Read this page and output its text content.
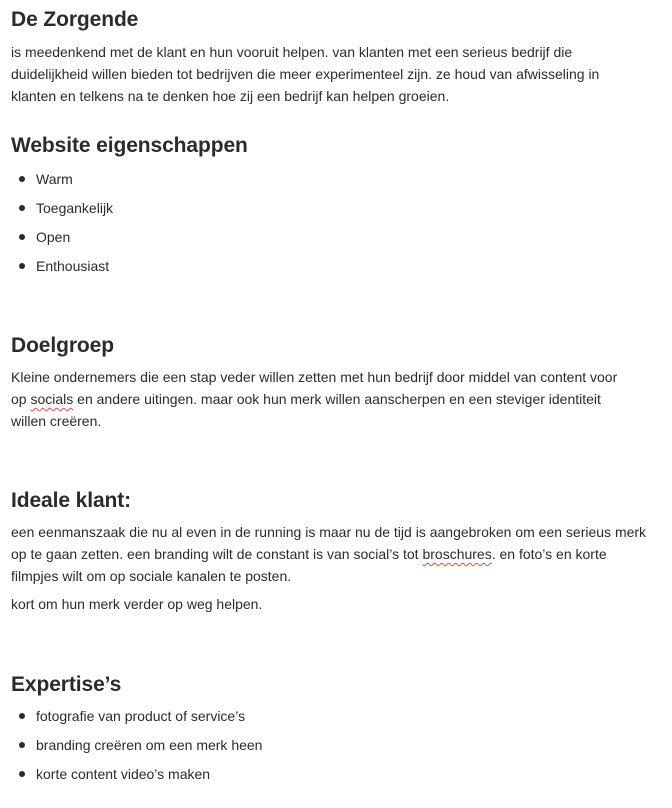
De Zorgende

is meedenkend met de klant en hun vooruit helpen. van klanten met een serieus bedrijf die duidelijkheid willen bieden tot bedrijven die meer experimenteel zijn. ze houd van afwisseling in klanten en telkens na te denken hoe zij een bedrijf kan helpen groeien.

Website eigenschappen
Warm
Toegankelijk
Open
Enthousiast
Doelgroep

Kleine ondernemers die een stap veder willen zetten met hun bedrijf door middel van content voor op socials en andere uitingen. maar ook hun merk willen aanscherpen en een steviger identiteit willen creëren.

Ideale klant:

een eenmanszaak die nu al even in de running is maar nu de tijd is aangebroken om een serieus merk op te gaan zetten. een branding wilt de constant is van social’s tot broschures. en foto’s en korte filmpjes wilt om op sociale kanalen te posten.

kort om hun merk verder op weg helpen.

Expertise’s
fotografie van product of service’s
branding creëren om een merk heen
korte content video’s maken
